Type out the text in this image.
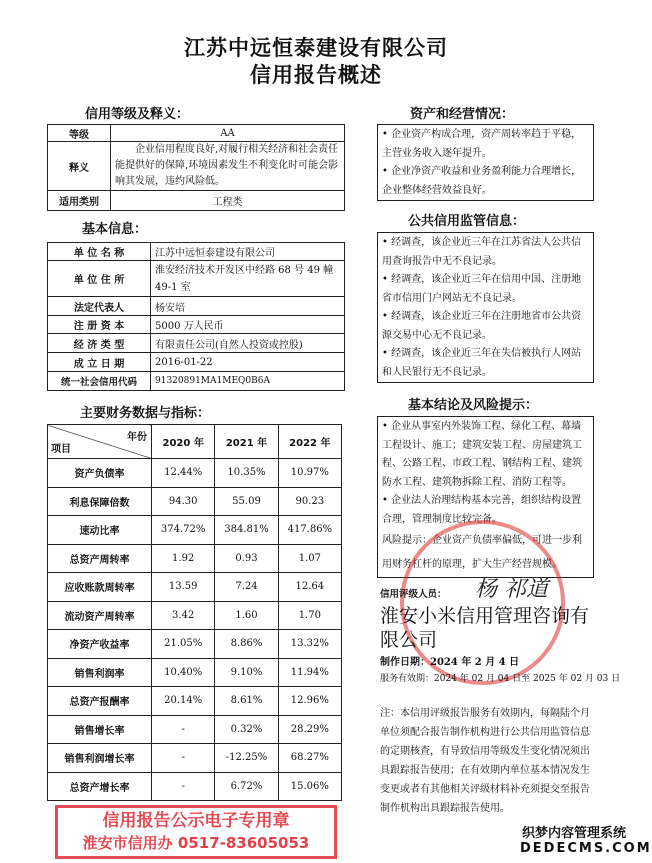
江苏中远恒泰建设有限公司
信用报告概述
信用等级及释义：
等级	AA
释义	企业信用程度良好,对履行相关经济和社会责任能提供好的保障,环境因素发生不利变化时可能会影响其发展，违约风险低。
适用类别	工程类
基本信息：
单 位 名 称	江苏中远恒泰建设有限公司
单 位 住 所	淮安经济技术开发区中经路 68 号 49 幢 49-1 室
法定代表人	杨安培
注 册 资 本	5000 万人民币
经 济 类 型	有限责任公司(自然人投资或控股)
成 立 日 期	2016-01-22
统一社会信用代码	91320891MA1MEQ0B6A
主要财务数据与指标：
年份
项目	2020 年	2021 年	2022 年
资产负债率	12.44%	10.35%	10.97%
利息保障倍数	94.30	55.09	90.23
速动比率	374.72%	384.81%	417.86%
总资产周转率	1.92	0.93	1.07
应收账款周转率	13.59	7.24	12.64
流动资产周转率	3.42	1.60	1.70
净资产收益率	21.05%	8.86%	13.32%
销售利润率	10.40%	9.10%	11.94%
总资产报酬率	20.14%	8.61%	12.96%
销售增长率	-	0.32%	28.29%
销售利润增长率	-	-12.25%	68.27%
总资产增长率	-	6.72%	15.06%
资产和经营情况：
• 企业资产构成合理，资产周转率趋于平稳，主营业务收入逐年提升。
• 企业净资产收益和业务盈利能力合理增长，企业整体经营效益良好。
公共信用监管信息：
• 经调查，该企业近三年在江苏省法人公共信用查询报告中无不良记录。
• 经调查，该企业近三年在信用中国、注册地省市信用门户网站无不良记录。
• 经调查，该企业近三年在注册地省市公共资源交易中心无不良记录。
• 经调查，该企业近三年在失信被执行人网站和人民银行无不良记录。
基本结论及风险提示：
• 企业从事室内外装饰工程、绿化工程、幕墙工程设计、施工；建筑安装工程、房屋建筑工程、公路工程、市政工程、钢结构工程、建筑防水工程、建筑物拆除工程、消防工程等。
• 企业法人治理结构基本完善，组织结构设置合理，管理制度比较完备。
风险提示：企业资产负债率偏低，可进一步利用财务杠杆的原理，扩大生产经营规模。
信用评级人员： 杨 祁道
淮安小米信用管理咨询有限公司
制作日期：2024 年 2 月 4 日
服务有效期：2024 年 02 月 04 日至 2025 年 02 月 03 日
注：本信用评级报告服务有效期内，每隔陆个月单位须配合报告制作机构进行公共信用监管信息的定期核查，有导致信用等级发生变化情况须出具跟踪报告使用；在有效期内单位基本情况发生变更或者有其他相关评级材料补充须提交至报告制作机构出具跟踪报告使用。
信用报告公示电子专用章
淮安市信用办 0517-83605053
织梦内容管理系统
DEDECMS.COM
